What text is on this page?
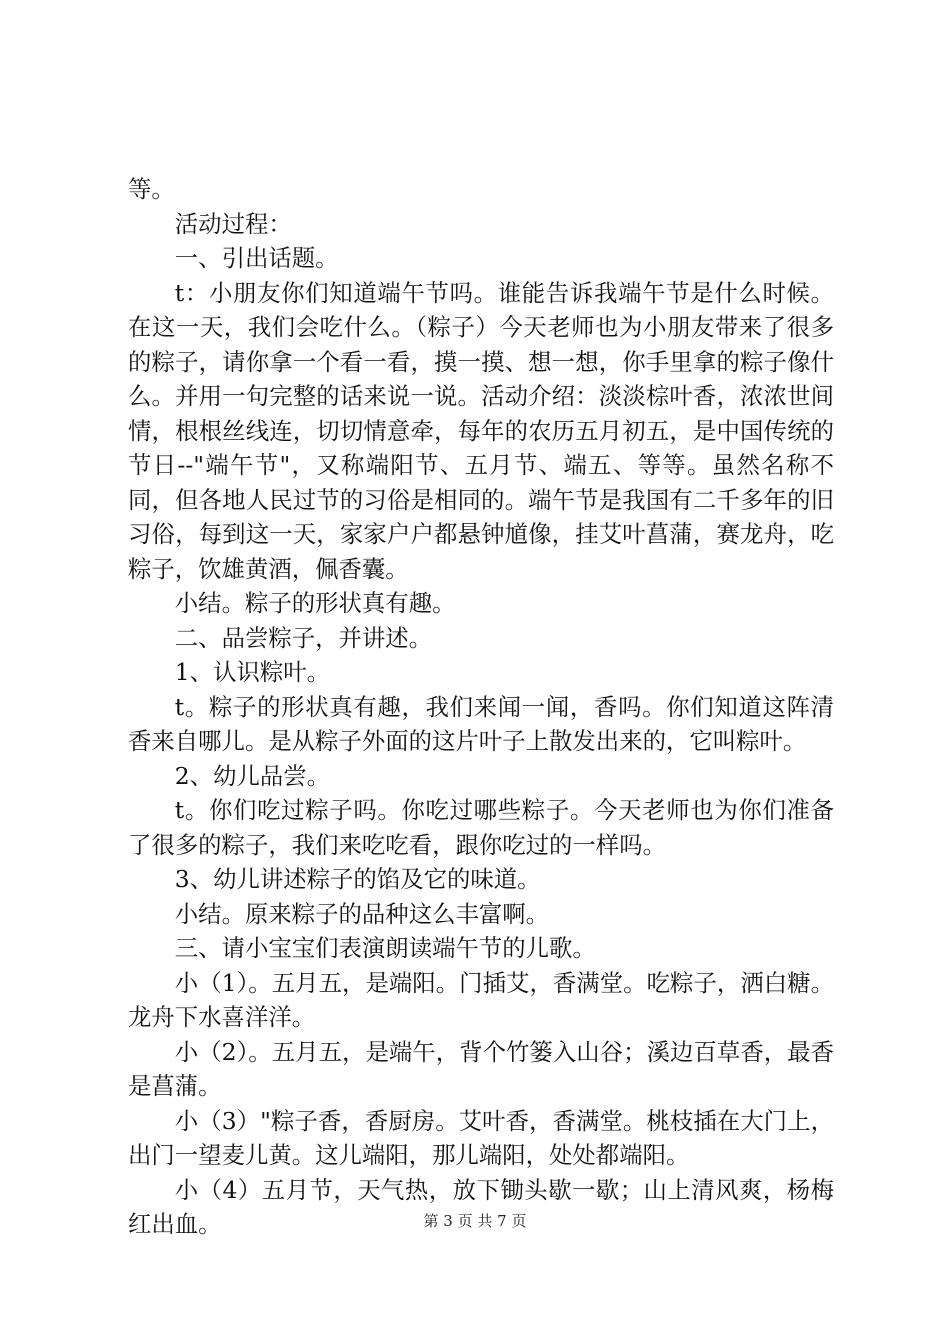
等。

活动过程：

一、引出话题。

t：小朋友你们知道端午节吗。谁能告诉我端午节是什么时候。在这一天，我们会吃什么。（粽子）今天老师也为小朋友带来了很多的粽子，请你拿一个看一看，摸一摸、想一想，你手里拿的粽子像什么。并用一句完整的话来说一说。活动介绍：淡淡棕叶香，浓浓世间情，根根丝线连，切切情意牵，每年的农历五月初五，是中国传统的节日--"端午节"，又称端阳节、五月节、端五、等等。虽然名称不同，但各地人民过节的习俗是相同的。端午节是我国有二千多年的旧习俗，每到这一天，家家户户都悬钟馗像，挂艾叶菖蒲，赛龙舟，吃粽子，饮雄黄酒，佩香囊。

小结。粽子的形状真有趣。

二、品尝粽子，并讲述。

1、认识粽叶。

t。粽子的形状真有趣，我们来闻一闻，香吗。你们知道这阵清香来自哪儿。是从粽子外面的这片叶子上散发出来的，它叫粽叶。

2、幼儿品尝。

t。你们吃过粽子吗。你吃过哪些粽子。今天老师也为你们准备了很多的粽子，我们来吃吃看，跟你吃过的一样吗。

3、幼儿讲述粽子的馅及它的味道。

小结。原来粽子的品种这么丰富啊。

三、请小宝宝们表演朗读端午节的儿歌。

小（1）。五月五，是端阳。门插艾，香满堂。吃粽子，洒白糖。龙舟下水喜洋洋。

小（2）。五月五，是端午，背个竹篓入山谷；溪边百草香，最香是菖蒲。

小（3）"粽子香，香厨房。艾叶香，香满堂。桃枝插在大门上，出门一望麦儿黄。这儿端阳，那儿端阳，处处都端阳。

小（4）五月节，天气热，放下锄头歇一歇；山上清风爽，杨梅红出血。	第 3 页 共 7 页
